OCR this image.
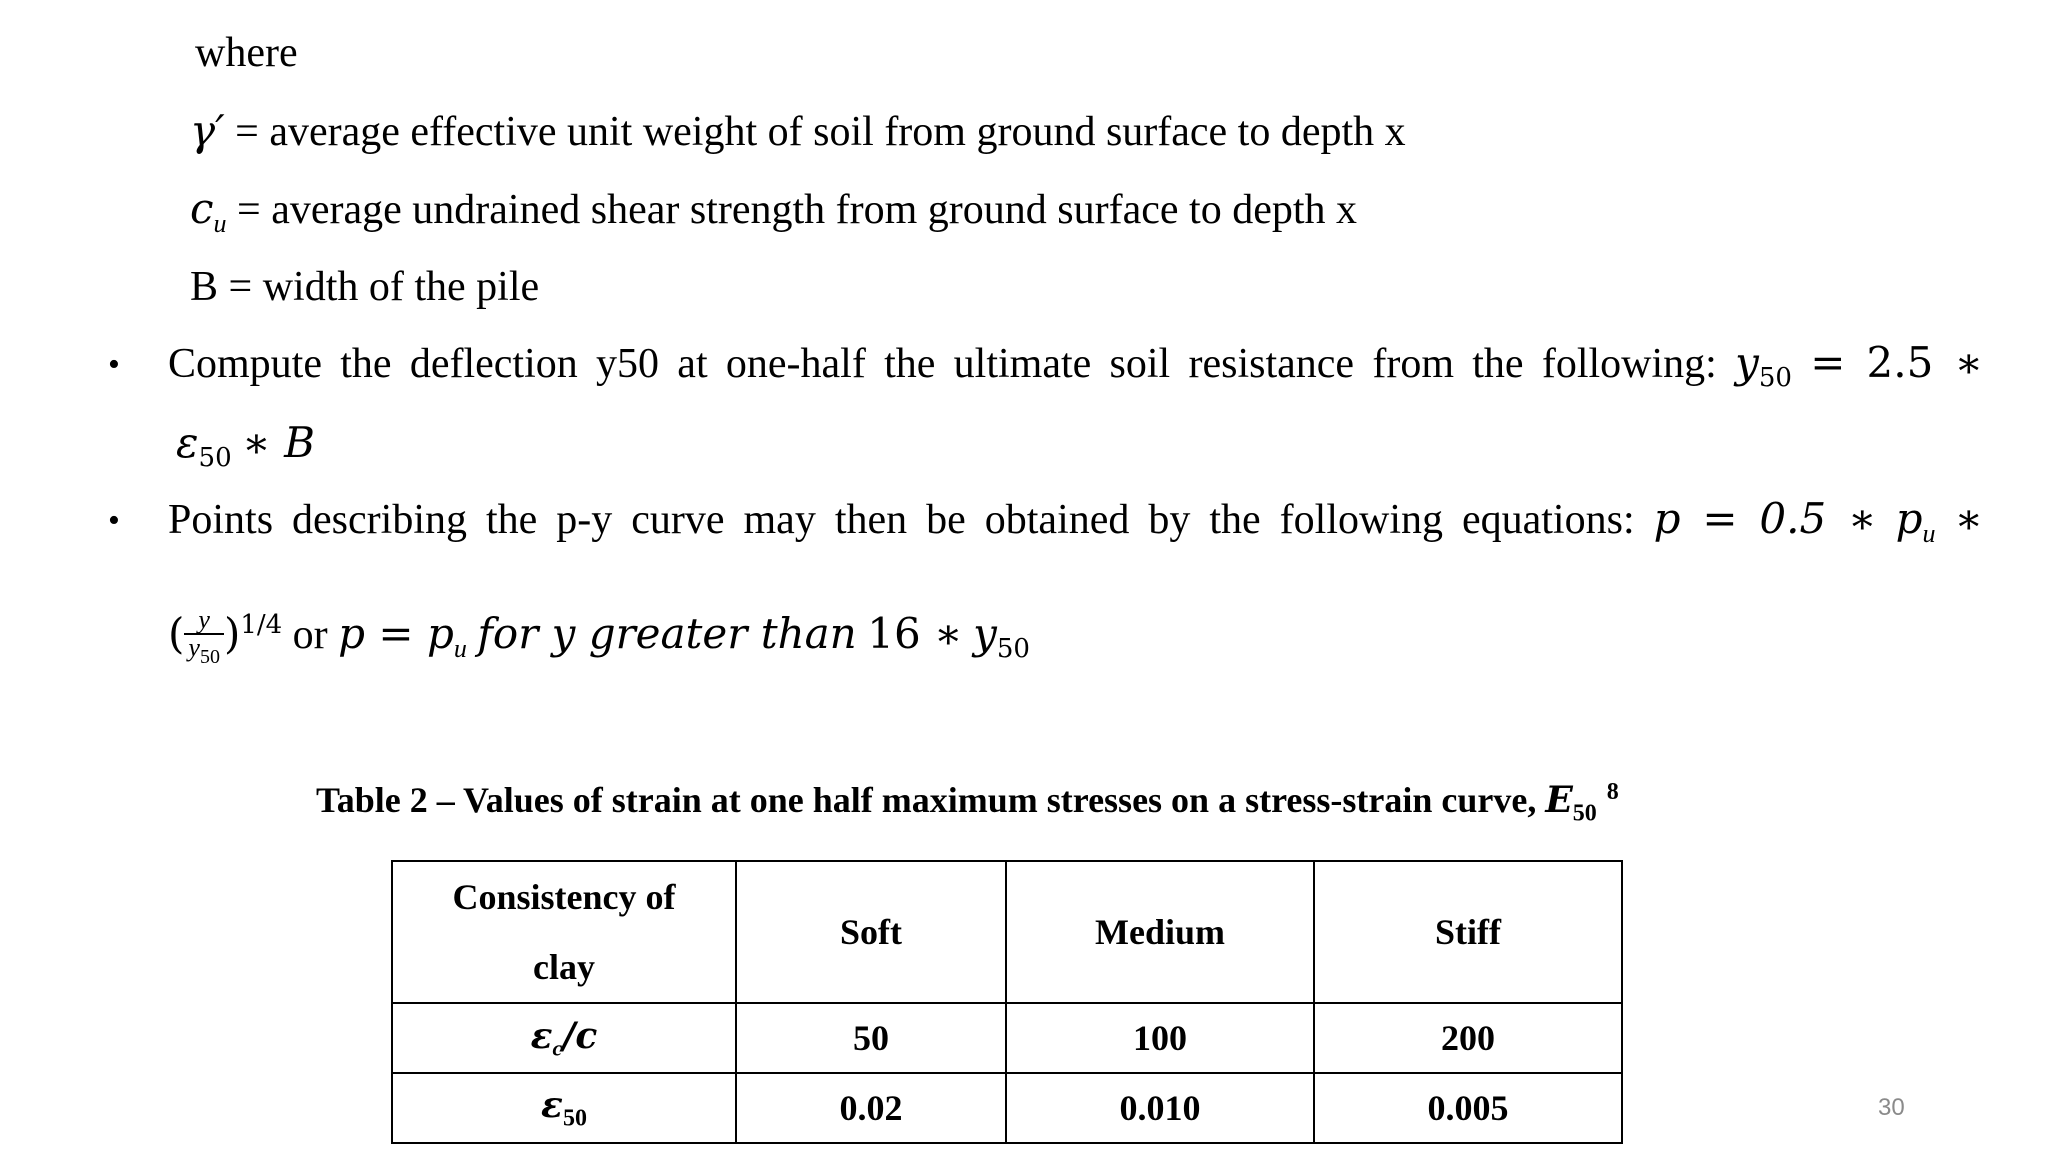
where
γ′ = average effective unit weight of soil from ground surface to depth x
$c_u$ = average undrained shear strength from ground surface to depth x
B = width of the pile
• Compute the deflection y50 at one-half the ultimate soil resistance from the following: $y_{50} = 2.5$ ∗
$\varepsilon_{50}$ ∗ B
• Points describing the p-y curve may then be obtained by the following equations: p = 0.5 ∗ $p_u$ ∗
( $\frac{y}{y_{50}} )^{1/4}$ or $p = p_u$ for y greater than 16 ∗ $y_{50}$
Table 2 – Values of strain at one half maximum stresses on a stress-strain curve, $E_{50}^8$
Consistency of
clay	Soft	Medium	Stiff
$\varepsilon_c/c$	50	100	200
$\varepsilon_{50}$	0.02	0.010	0.005	30
